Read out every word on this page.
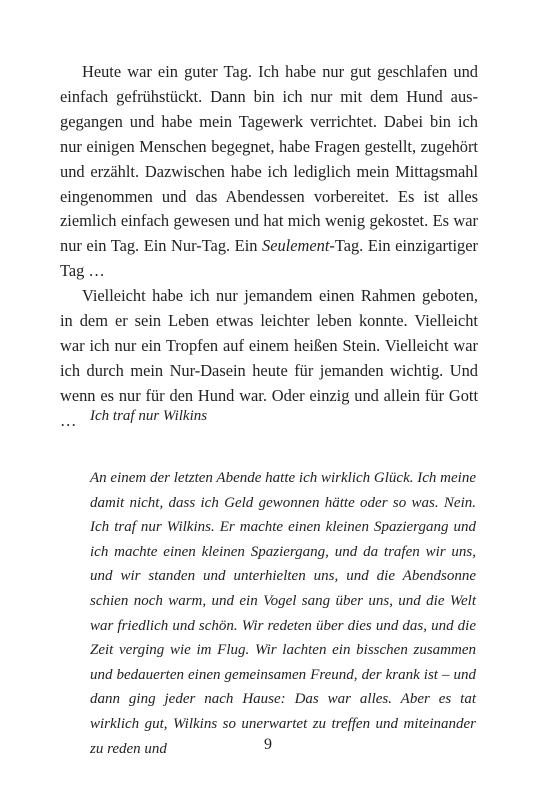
Heute war ein guter Tag. Ich habe nur gut geschlafen und einfach gefrühstückt. Dann bin ich nur mit dem Hund ausgegangen und habe mein Tagewerk verrichtet. Dabei bin ich nur einigen Menschen begegnet, habe Fragen gestellt, zugehört und erzählt. Dazwischen habe ich lediglich mein Mittagsmahl eingenommen und das Abendessen vorbereitet. Es ist alles ziemlich einfach gewesen und hat mich wenig gekostet. Es war nur ein Tag. Ein Nur-Tag. Ein Seulement-Tag. Ein einzigartiger Tag …

Vielleicht habe ich nur jemandem einen Rahmen geboten, in dem er sein Leben etwas leichter leben konnte. Vielleicht war ich nur ein Tropfen auf einem heißen Stein. Vielleicht war ich durch mein Nur-Dasein heute für jemanden wichtig. Und wenn es nur für den Hund war. Oder einzig und allein für Gott … Ich traf nur Wilkins
An einem der letzten Abende hatte ich wirklich Glück. Ich meine damit nicht, dass ich Geld gewonnen hätte oder so was. Nein. Ich traf nur Wilkins. Er machte einen kleinen Spaziergang und ich machte einen kleinen Spaziergang, und da trafen wir uns, und wir standen und unterhielten uns, und die Abendsonne schien noch warm, und ein Vogel sang über uns, und die Welt war friedlich und schön. Wir redeten über dies und das, und die Zeit verging wie im Flug. Wir lachten ein bisschen zusammen und bedauerten einen gemeinsamen Freund, der krank ist – und dann ging jeder nach Hause: Das war alles. Aber es tat wirklich gut, Wilkins so unerwartet zu treffen und miteinander zu reden und	9
